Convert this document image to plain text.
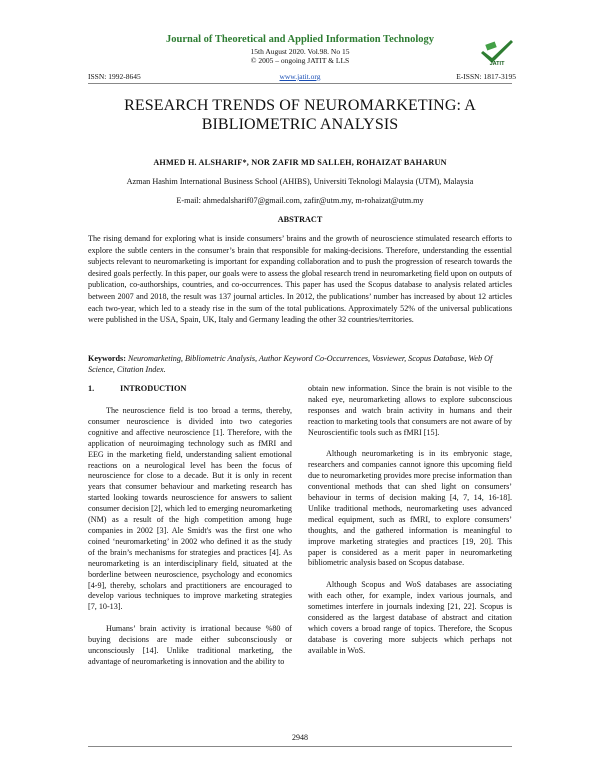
Journal of Theoretical and Applied Information Technology
15th August 2020. Vol.98. No 15
© 2005 – ongoing JATIT & LLS	JATIT
ISSN: 1992-8645	www.jatit.org	E-ISSN: 1817-3195
RESEARCH TRENDS OF NEUROMARKETING: A
BIBLIOMETRIC ANALYSIS
AHMED H. ALSHARIF*, NOR ZAFIR MD SALLEH, ROHAIZAT BAHARUN
Azman Hashim International Business School (AHIBS), Universiti Teknologi Malaysia (UTM), Malaysia
E-mail: ahmedalsharif07@gmail.com, zafir@utm.my, m-rohaizat@utm.my
ABSTRACT
The rising demand for exploring what is inside consumers’ brains and the growth of neuroscience stimulated research efforts to explore the subtle centers in the consumer’s brain that responsible for making-decisions. Therefore, understanding the essential subjects relevant to neuromarketing is important for expanding collaboration and to push the progression of research towards the desired goals perfectly. In this paper, our goals were to assess the global research trend in neuromarketing field upon on outputs of publication, co-authorships, countries, and co-occurrences. This paper has used the Scopus database to analysis related articles between 2007 and 2018, the result was 137 journal articles. In 2012, the publications’ number has increased by about 12 articles each two-year, which led to a steady rise in the sum of the total publications. Approximately 52% of the universal publications were published in the USA, Spain, UK, Italy and Germany leading the other 32 countries/territories.
Keywords: Neuromarketing, Bibliometric Analysis, Author Keyword Co-Occurrences, Vosviewer, Scopus Database, Web Of Science, Citation Index.
1.	INTRODUCTION

The neuroscience field is too broad a terms, thereby, consumer neuroscience is divided into two categories cognitive and affective neuroscience [1]. Therefore, with the application of neuroimaging technology such as fMRI and EEG in the marketing field, understanding salient emotional reactions on a neurological level has been the focus of neuroscience for close to a decade. But it is only in recent years that consumer behaviour and marketing research has started looking towards neuroscience for answers to salient consumer decision [2], which led to emerging neuromarketing (NM) as a result of the high competition among huge companies in 2002 [3]. Ale Smidt's was the first one who coined ‘neuromarketing’ in 2002 who defined it as the study of the brain’s mechanisms for strategies and practices [4]. As neuromarketing is an interdisciplinary field, situated at the borderline between neuroscience, psychology and economics [4-9], thereby, scholars and practitioners are encouraged to develop various techniques to improve marketing strategies [7, 10-13].

Humans’ brain activity is irrational because %80 of buying decisions are made either subconsciously or unconsciously [14]. Unlike traditional marketing, the advantage of neuromarketing is innovation and the ability to

obtain new information. Since the brain is not visible to the naked eye, neuromarketing allows to explore subconscious responses and watch brain activity in humans and their reaction to marketing tools that consumers are not aware of by Neuroscientific tools such as fMRI [15].

Although neuromarketing is in its embryonic stage, researchers and companies cannot ignore this upcoming field due to neuromarketing provides more precise information than conventional methods that can shed light on consumers’ behaviour in terms of decision making [4, 7, 14, 16-18]. Unlike traditional methods, neuromarketing uses advanced medical equipment, such as fMRI, to explore consumers’ thoughts, and the gathered information is meaningful to improve marketing strategies and practices [19, 20]. This paper is considered as a merit paper in neuromarketing bibliometric analysis based on Scopus database.

Although Scopus and WoS databases are associating with each other, for example, index various journals, and sometimes interfere in journals indexing [21, 22]. Scopus is considered as the largest database of abstract and citation which covers a broad range of topics. Therefore, the Scopus database is covering more subjects which perhaps not available in WoS.

2948
